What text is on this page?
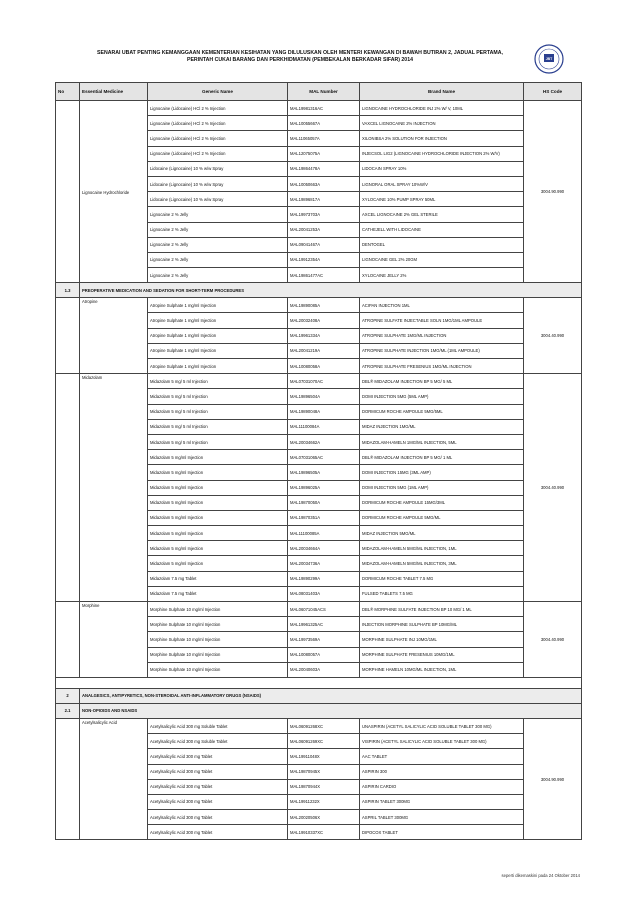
SENARAI UBAT PENTING KEMANGGAAN KEMENTERIAN KESIHATAN YANG DILULUSKAN OLEH MENTERI KEWANGAN DI BAWAH BUTIRAN 2, JADUAL PERTAMA, PERINTAH CUKAI BARANG DAN PERKHIDMATAN (PEMBEKALAN BERKADAR SIFAR) 2014	JBT
No	Essential Medicine	Generic Name	MAL Number	Brand Name	HS Code
	Lignocaine Hydrochloride	Lignocaine (Lidocaine) HCl 2 % Injection	MAL19981316AC	LIGNOCAINE HYDROCHLORIDE INJ 2% W/ V, 10ML	3004.90.990
		Lignocaine (Lidocaine) HCl 2 % Injection	MAL10055667A	VAXCEL LIGNOCAINE 2% INJECTION	
		Lignocaine (Lidocaine) HCl 2 % Injection	MAL11065057A	XILONIBSA 2% SOLUTION FOR INJECTION	
		Lignocaine (Lidocaine) HCl 2 % Injection	MAL12075075A	INJECSOL LIG2 (LIGNOCAINE HYDROCHLORIDE INJECTION 2% W/V)	
		Lidocaine (Lignocaine) 10 % w/w Spray	MAL19864478A	LIDOCAIN SPRAY 10%	
		Lidocaine (Lignocaine) 10 % w/w Spray	MAL10050663A	LIGNORAL ORAL SPRAY 10%W/V	
		Lidocaine (Lignocaine) 10 % w/w Spray	MAL19896817A	XYLOCAINE 10% PUMP SPRAY 50ML	
		Lignocaine 2 % Jelly	MAL19973703A	AXCEL LIGNOCAINE 2% GEL STERILE	
		Lignocaine 2 % Jelly	MAL20041253A	CATHEJELL WITH LIDOCAINE	
		Lignocaine 2 % Jelly	MAL09041467A	DENTOGEL	
		Lignocaine 2 % Jelly	MAL19912354A	LIGNOCAINE GEL 2% 20GM	
		Lignocaine 2 % Jelly	MAL19861477AC	XYLOCAINE JELLY 2%	
1.3	PREOPERATIVE MEDICATION AND SEDATION FOR SHORT-TERM PROCEDURES				
	Atropine	Atropine Sulphate 1 mg/ml Injection	MAL19890085A	ACIPAN INJECTION 1ML	3004.40.990
		Atropine Sulphate 1 mg/ml Injection	MAL20032408A	ATROPINE SULFATE INJECTABLE SOLN 1MG/1ML AMPOULE	
		Atropine Sulphate 1 mg/ml Injection	MAL19961334A	ATROPINE SULPHATE 1MG/ML INJECTION	
		Atropine Sulphate 1 mg/ml Injection	MAL20041219A	ATROPINE SULPHATE INJECTION 1MG/ML (1ML AMPOULE)	
		Atropine Sulphate 1 mg/ml Injection	MAL10080058A	ATROPINE SULPHATE FRESENIUS 1MG/ML INJECTION	
	Midazolam	Midazolam 5 mg/ 5 ml Injection	MAL07031070AC	DBL® MIDAZOLAM INJECTION BP 5 MG/ 5 ML	3004.40.990
		Midazolam 5 mg/ 5 ml Injection	MAL19896504A	DOMI INJECTION 5MG (5ML AMP)	
		Midazolam 5 mg/ 5 ml Injection	MAL19890048A	DORMICUM ROCHE AMPOULE 5MG/5ML	
		Midazolam 5 mg/ 5 ml Injection	MAL11100084A	MIDAZ INJECTION 1MG/ML	
		Midazolam 5 mg/ 5 ml Injection	MAL20034662A	MIDAZOLAM-HAMELN 1MG/ML INJECTION, 5ML	
		Midazolam 5 mg/ml Injection	MAL07031065AC	DBL® MIDAZOLAM INJECTION BP 5 MG/ 1 ML	
		Midazolam 5 mg/ml Injection	MAL19896505A	DOMI INJECTION 15MG (3ML AMP)	
		Midazolam 5 mg/ml Injection	MAL19896025A	DOMI INJECTION 5MG (1ML AMP)	
		Midazolam 5 mg/ml Injection	MAL19870050A	DORMICUM ROCHE AMPOULE 15MG/3ML	
		Midazolam 5 mg/ml Injection	MAL19870351A	DORMICUM ROCHE AMPOULE 5MG/ML	
		Midazolam 5 mg/ml Injection	MAL11100085A	MIDAZ INJECTION 5MG/ML	
		Midazolam 5 mg/ml Injection	MAL20034664A	MIDAZOLAM-HAMELN 5MG/ML INJECTION, 1ML	
		Midazolam 5 mg/ml Injection	MAL20034736A	MIDAZOLAM-HAMELN 5MG/ML INJECTION, 3ML	
		Midazolam 7.5 mg Tablet	MAL19890299A	DORMICUM ROCHE TABLET 7.5 MG	
		Midazolam 7.5 mg Tablet	MAL08031403A	FULSED TABLETS 7.5 MG	
	Morphine	Morphine Sulphate 10 mg/ml Injection	MAL06071045ACS	DBL® MORPHINE SULFATE INJECTION BP 10 MG/ 1 ML	3004.40.990
		Morphine Sulphate 10 mg/ml Injection	MAL19961325AC	INJECTION MORPHINE SULPHATE BP 10MG/ML	
		Morphine Sulphate 10 mg/ml Injection	MAL19973569A	MORPHINE SULPHATE INJ 10MG/1ML	
		Morphine Sulphate 10 mg/ml Injection	MAL10080057A	MORPHINE SULPHATE FRESENIUS 10MG/1ML	
		Morphine Sulphate 10 mg/ml Injection	MAL20040603A	MORPHINE HAMELN 10MG/ML INJECTION, 1ML	

2	ANALGESICS, ANTIPYRETICS, NON-STEROIDAL ANTI-INFLAMMATORY DRUGS (NSAIDS)				
2.1	NON-OPIOIDS AND NSAIDS				
	Acetylsalicylic Acid	Acetylsalicylic Acid 300 mg Soluble Tablet	MAL06091268XC	UNASPIRIN (ACETYL SALICYLIC ACID SOLUBLE TABLET 300 MG)	3004.90.990
		Acetylsalicylic Acid 300 mg Soluble Tablet	MAL06091269XC	VISPIRIN (ACETYL SALICYLIC ACID SOLUBLE TABLET 300 MG)	
		Acetylsalicylic Acid 300 mg Tablet	MAL19911048X	AAC TABLET	
		Acetylsalicylic Acid 300 mg Tablet	MAL19870945X	ASPIRIN 300	
		Acetylsalicylic Acid 300 mg Tablet	MAL19870944X	ASPIRIN CARDIO	
		Acetylsalicylic Acid 300 mg Tablet	MAL19911232X	ASPIRIN TABLET 300MG	
		Acetylsalicylic Acid 300 mg Tablet	MAL20020506X	ASPRIL TABLET 300MG	
		Acetylsalicylic Acid 300 mg Tablet	MAL19910337XC	DIPOCOX TABLET	
seperti dikemaskini pada 24 Oktober 2014
